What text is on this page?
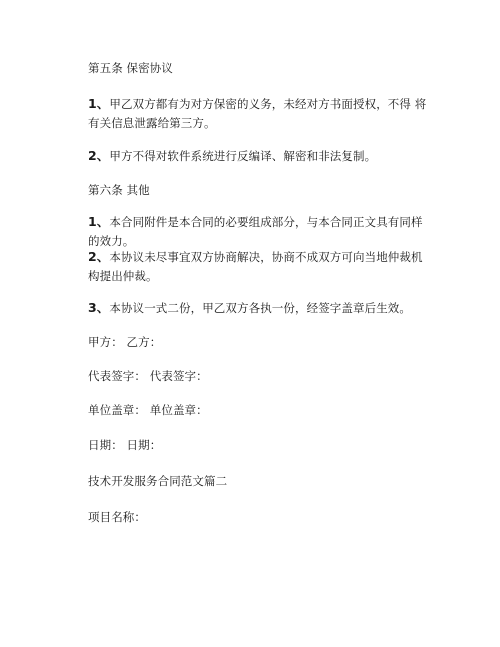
第五条 保密协议
1、甲乙双方都有为对方保密的义务，未经对方书面授权，不得 将有关信息泄露给第三方。
2、甲方不得对软件系统进行反编译、解密和非法复制。
第六条 其他
1、本合同附件是本合同的必要组成部分，与本合同正文具有同样 的效力。
2、本协议未尽事宜双方协商解决，协商不成双方可向当地仲裁机 构提出仲裁。
3、本协议一式二份，甲乙双方各执一份，经签字盖章后生效。
甲方： 乙方：
代表签字： 代表签字：
单位盖章： 单位盖章：
日期： 日期：
技术开发服务合同范文篇二
项目名称：
